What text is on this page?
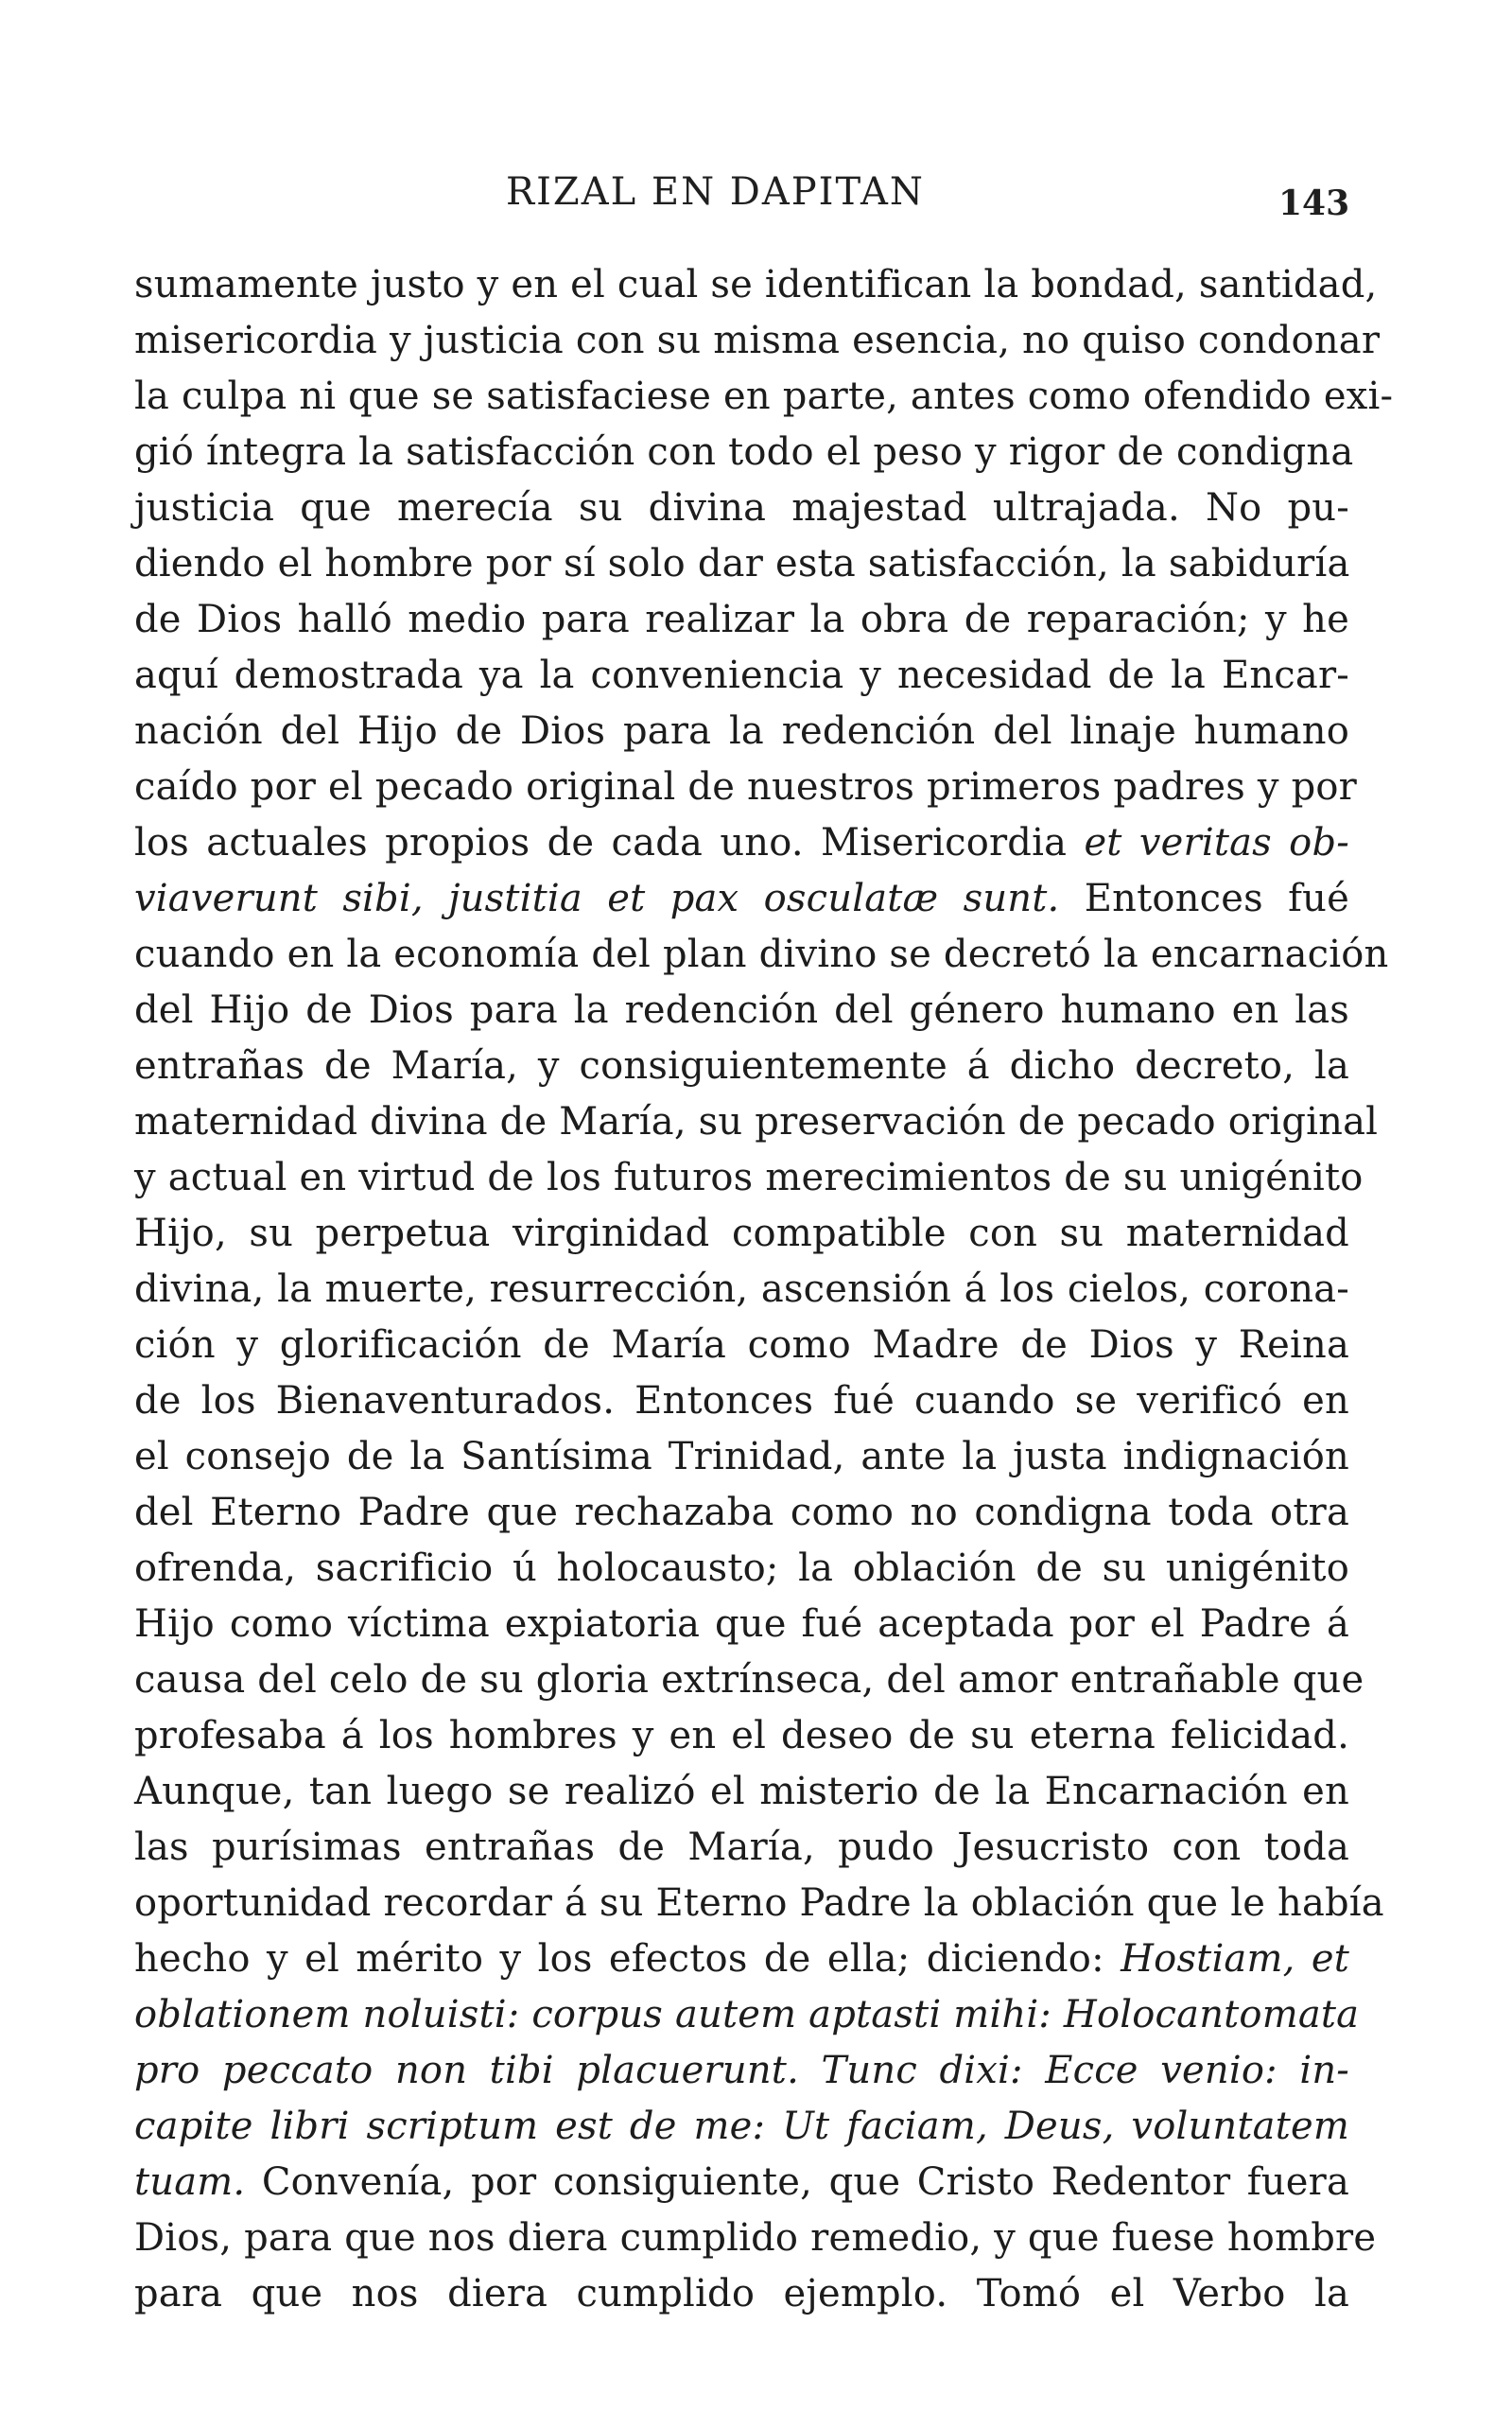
RIZAL EN DAPITAN	143
sumamente justo y en el cual se identifican la bondad, santidad,
misericordia y justicia con su misma esencia, no quiso condonar
la culpa ni que se satisfaciese en parte, antes como ofendido exi-
gió íntegra la satisfacción con todo el peso y rigor de condigna
justicia que merecía su divina majestad ultrajada. No pu-
diendo el hombre por sí solo dar esta satisfacción, la sabiduría
de Dios halló medio para realizar la obra de reparación; y he
aquí demostrada ya la conveniencia y necesidad de la Encar-
nación del Hijo de Dios para la redención del linaje humano
caído por el pecado original de nuestros primeros padres y por
los actuales propios de cada uno. Misericordia et veritas ob-
viaverunt sibi, justitia et pax osculatæ sunt. Entonces fué
cuando en la economía del plan divino se decretó la encarnación
del Hijo de Dios para la redención del género humano en las
entrañas de María, y consiguientemente á dicho decreto, la
maternidad divina de María, su preservación de pecado original
y actual en virtud de los futuros merecimientos de su unigénito
Hijo, su perpetua virginidad compatible con su maternidad
divina, la muerte, resurrección, ascensión á los cielos, corona-
ción y glorificación de María como Madre de Dios y Reina
de los Bienaventurados. Entonces fué cuando se verificó en
el consejo de la Santísima Trinidad, ante la justa indignación
del Eterno Padre que rechazaba como no condigna toda otra
ofrenda, sacrificio ú holocausto; la oblación de su unigénito
Hijo como víctima expiatoria que fué aceptada por el Padre á
causa del celo de su gloria extrínseca, del amor entrañable que
profesaba á los hombres y en el deseo de su eterna felicidad.
Aunque, tan luego se realizó el misterio de la Encarnación en
las purísimas entrañas de María, pudo Jesucristo con toda
oportunidad recordar á su Eterno Padre la oblación que le había
hecho y el mérito y los efectos de ella; diciendo: Hostiam, et
oblationem noluisti: corpus autem aptasti mihi: Holocantomata
pro peccato non tibi placuerunt. Tunc dixi: Ecce venio: in-
capite libri scriptum est de me: Ut faciam, Deus, voluntatem
tuam. Convenía, por consiguiente, que Cristo Redentor fuera
Dios, para que nos diera cumplido remedio, y que fuese hombre
para que nos diera cumplido ejemplo. Tomó el Verbo la
